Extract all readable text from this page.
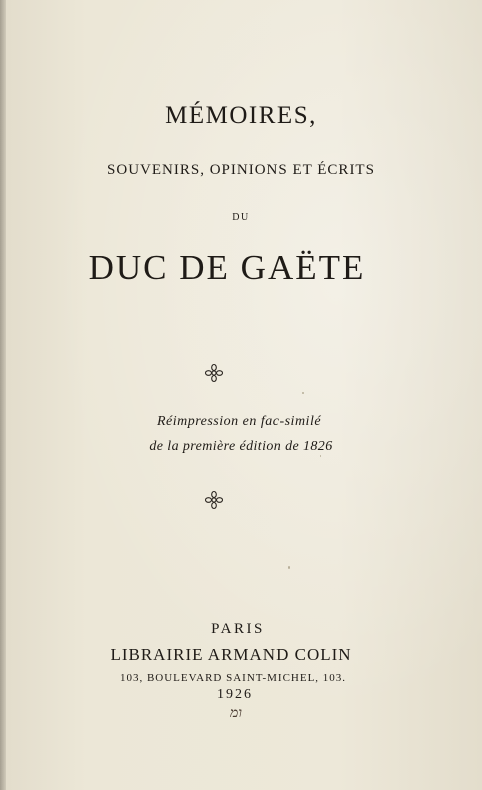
MÉMOIRES,
SOUVENIRS, OPINIONS ET ÉCRITS
DU
DUC DE GAËTE
Réimpression en fac-similé
de la première édition de 1826
PARIS
LIBRAIRIE ARMAND COLIN
103, BOULEVARD SAINT-MICHEL, 103.
1926
ומ
